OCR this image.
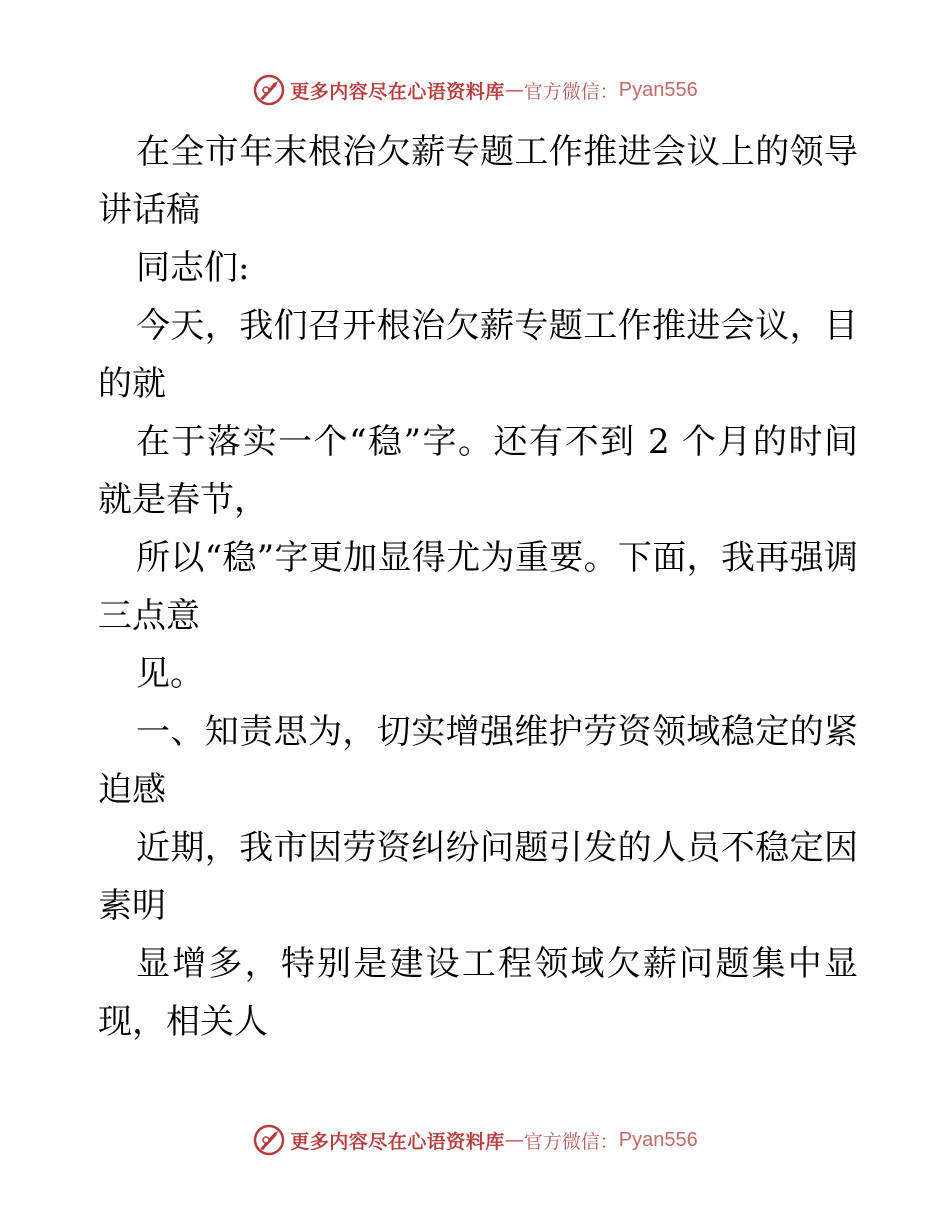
更多内容尽在心语资料库 — 官方微信： Pyan556

在全市年末根治欠薪专题工作推进会议上的领导讲话稿

同志们:

今天，我们召开根治欠薪专题工作推进会议，目的就

在于落实一个“稳”字。还有不到 2 个月的时间就是春节，

所以“稳”字更加显得尤为重要。下面，我再强调三点意

见。

一、知责思为，切实增强维护劳资领域稳定的紧迫感

近期，我市因劳资纠纷问题引发的人员不稳定因素明

显增多，特别是建设工程领域欠薪问题集中显现，相关人

更多内容尽在心语资料库 — 官方微信： Pyan556
